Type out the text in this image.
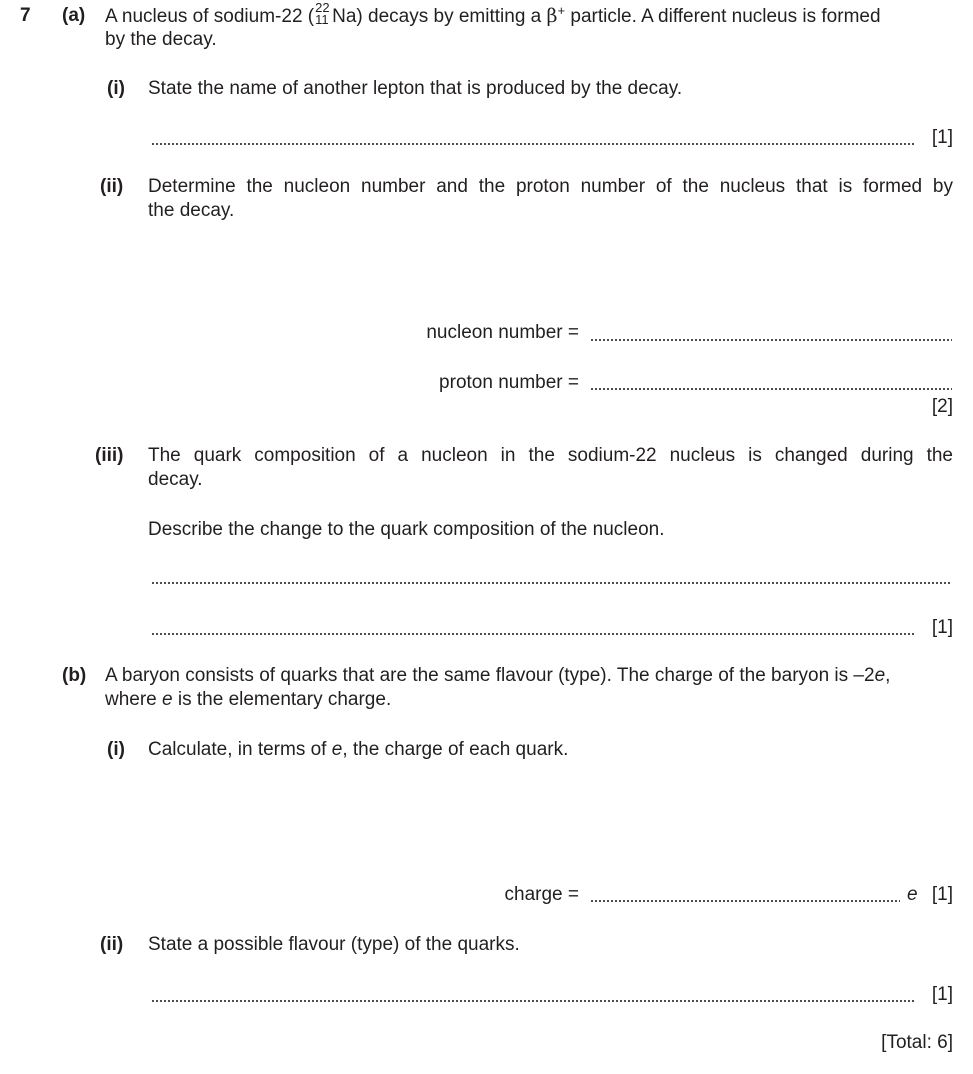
7 (a) A nucleus of sodium-22 ( 22
11 Na) decays by emitting a β+ particle. A different nucleus is formed
by the decay.
(i) State the name of another lepton that is produced by the decay.
[1]
(ii) Determine the nucleon number and the proton number of the nucleus that is formed by
the decay.
nucleon number =
proton number =
[2]
(iii) The quark composition of a nucleon in the sodium-22 nucleus is changed during the
decay.
Describe the change to the quark composition of the nucleon.
[1]
(b) A baryon consists of quarks that are the same flavour (type). The charge of the baryon is –2e,
where e is the elementary charge.
(i) Calculate, in terms of e, the charge of each quark.
charge =	e [1]
(ii) State a possible flavour (type) of the quarks.
[1]
[Total: 6]
